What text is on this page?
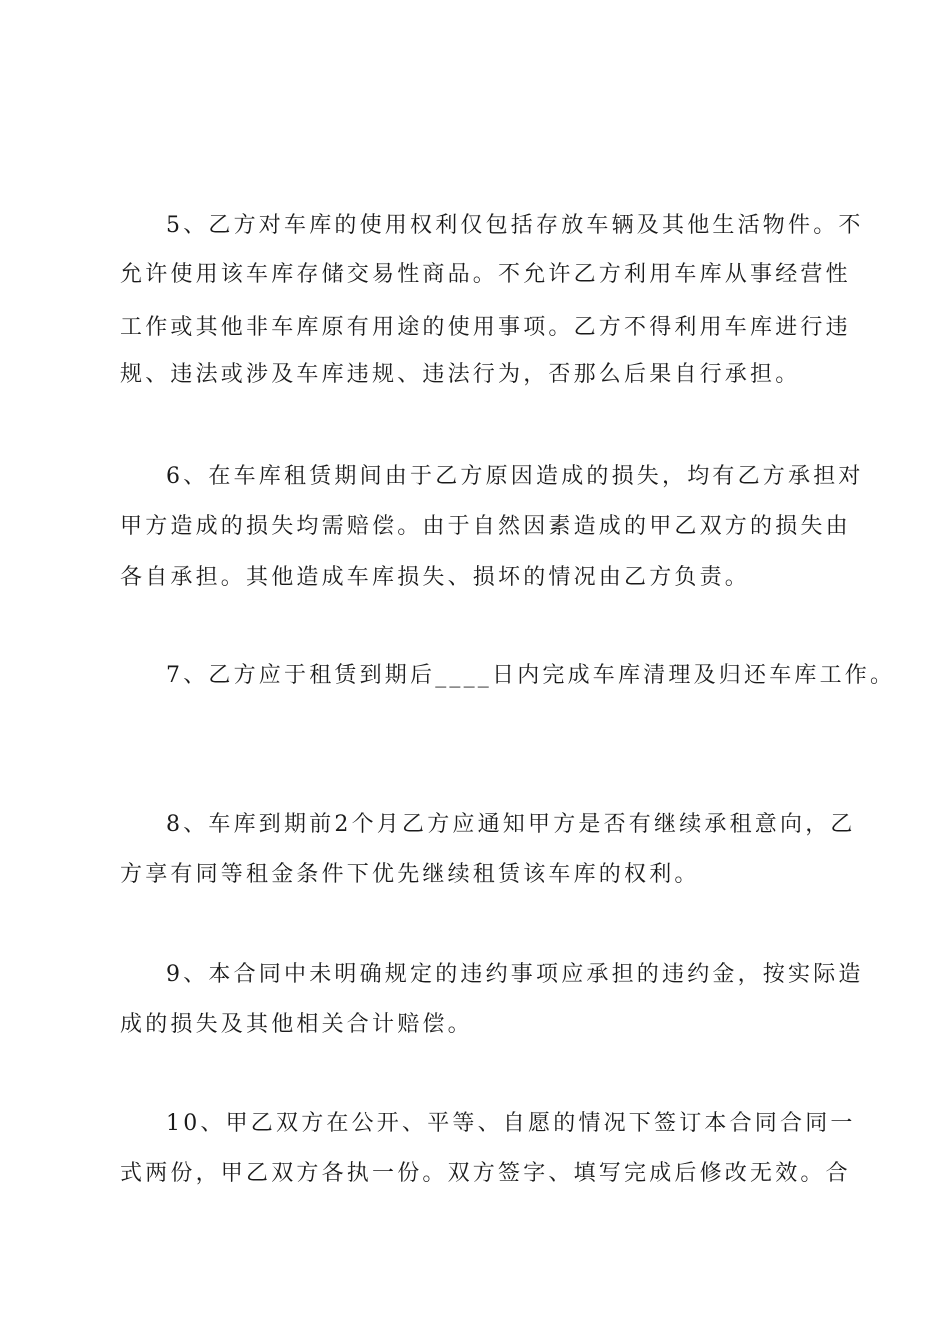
5、乙方对车库的使用权利仅包括存放车辆及其他生活物件。不
允许使用该车库存储交易性商品。不允许乙方利用车库从事经营性
工作或其他非车库原有用途的使用事项。乙方不得利用车库进行违
规、违法或涉及车库违规、违法行为，否那么后果自行承担。
6、在车库租赁期间由于乙方原因造成的损失，均有乙方承担对
甲方造成的损失均需赔偿。由于自然因素造成的甲乙双方的损失由
各自承担。其他造成车库损失、损坏的情况由乙方负责。
7、乙方应于租赁到期后____日内完成车库清理及归还车库工作。
8、车库到期前2个月乙方应通知甲方是否有继续承租意向，乙
方享有同等租金条件下优先继续租赁该车库的权利。
9、本合同中未明确规定的违约事项应承担的违约金，按实际造
成的损失及其他相关合计赔偿。
10、甲乙双方在公开、平等、自愿的情况下签订本合同合同一
式两份，甲乙双方各执一份。双方签字、填写完成后修改无效。合
